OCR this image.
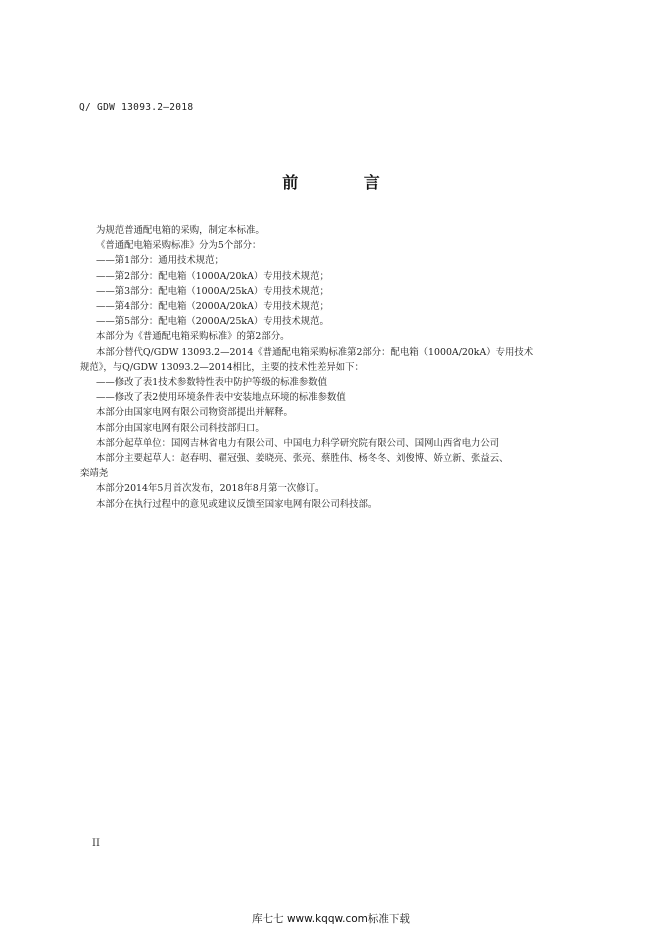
Q/ GDW 13093.2—2018
前 言
为规范普通配电箱的采购，制定本标准。
《普通配电箱采购标准》分为5个部分：
——第1部分：通用技术规范；
——第2部分：配电箱（1000A/20kA）专用技术规范；
——第3部分：配电箱（1000A/25kA）专用技术规范；
——第4部分：配电箱（2000A/20kA）专用技术规范；
——第5部分：配电箱（2000A/25kA）专用技术规范。
本部分为《普通配电箱采购标准》的第2部分。
本部分替代Q/GDW 13093.2—2014《普通配电箱采购标准第2部分：配电箱（1000A/20kA）专用技术
规范》，与Q/GDW 13093.2—2014相比，主要的技术性差异如下：
——修改了表1技术参数特性表中防护等级的标准参数值
——修改了表2使用环境条件表中安装地点环境的标准参数值
本部分由国家电网有限公司物资部提出并解释。
本部分由国家电网有限公司科技部归口。
本部分起草单位：国网吉林省电力有限公司、中国电力科学研究院有限公司、国网山西省电力公司
本部分主要起草人：赵春明、翟冠强、姜晓亮、张亮、蔡胜伟、杨冬冬、刘俊博、娇立新、张益云、
栾靖尧
本部分2014年5月首次发布，2018年8月第一次修订。
本部分在执行过程中的意见或建议反馈至国家电网有限公司科技部。
II
库七七 www.kqqw.com标准下载
